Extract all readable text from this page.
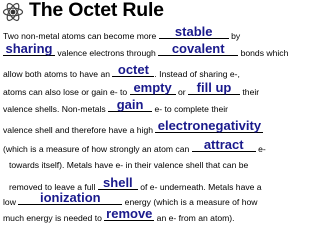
The Octet Rule
Two non-metal atoms can become more	stable	by
sharing valence electrons through	covalent	bonds which
allow both atoms to have an octet . Instead of sharing e-,
atoms can also lose or gain e- to empty or fill up	their
valence shells. Non-metals gain	e- to complete their
valence shell and therefore have a high electronegativity
(which is a measure of how strongly an atom can attract	e-
towards itself). Metals have e- in their valence shell that can be
removed to leave a full shell of e- underneath. Metals have a
low	ionization	energy (which is a measure of how
much energy is needed to remove an e- from an atom).
